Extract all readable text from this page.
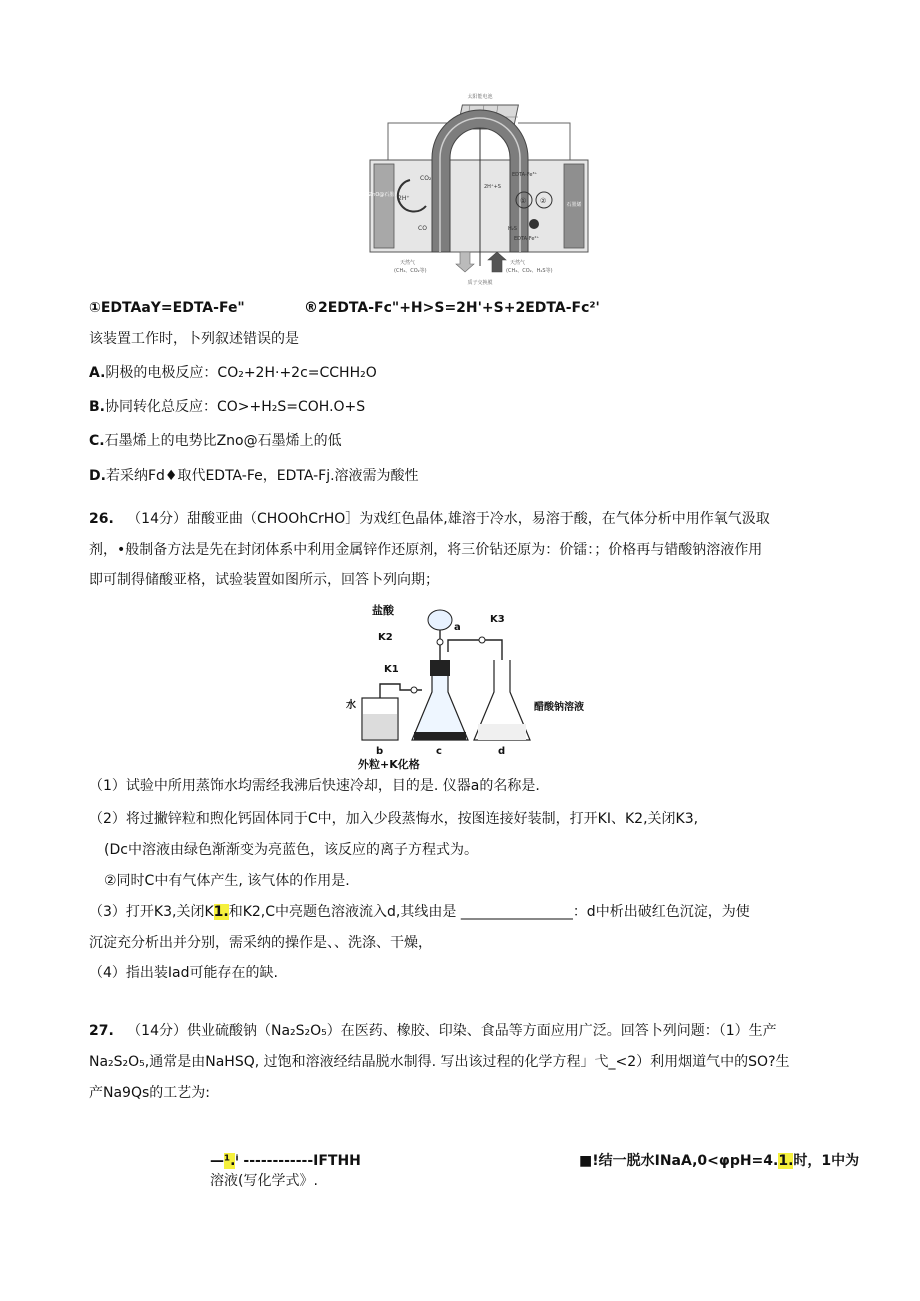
太阳能电池
ZnO@石墨烯
石墨烯
CO₂
2H⁺
CO
EDTA-Fe³⁺
2H⁺+S
① ②
H₂S
EDTA-Fe²⁺
天然气
(CH₄、CO₂等)
天然气
(CH₄、CO₂、H₂S等)
质子交换膜
①EDTAaY=EDTA-Fe"	®2EDTA-Fc"+H>S=2H'+S+2EDTA-Fc²'
该装置工作时，卜列叙述错误的是
A.阴极的电极反应：CO₂+2H·+2c=CCHH₂O
B.协同转化总反应：CO>+H₂S=COH.O+S
C.石墨烯上的电势比Zno@石墨烯上的低
D.若采纳Fd♦取代EDTA-Fe，EDTA-Fj.溶液需为酸性
26. （14分）甜酸亚曲（CHOOhCrHO］为戏红色晶体,雄溶于冷水，易溶于酸，在气体分析中用作氧气汲取
剂，•般制备方法是先在封闭体系中利用金属锌作还原剂，将三价钻还原为：价镭：；价格再与错酸钠溶液作用
即可制得储酸亚格，试验装置如图所示，回答卜列向期；
盐酸
a
K3
K2
醋酸钠溶液
K1
水
b	c	d
外粒+K化格
（1）试验中所用蒸饰水均需经我沸后快速冷却，目的是. 仪器a的名称是.
（2）将过撇锌粒和煦化钙固体同于C中，加入少段蒸悔水，按图连接好装制，打开KI、K2,关闭K3,
(Dc中溶液由绿色渐渐变为亮蓝色，该反应的离子方程式为。
②同时C中有气体产生, 该气体的作用是.
（3）打开K3,关闭K1.和K2,C中亮题色溶液流入d,其线由是 ________________：d中析出破红色沉淀，为使
沉淀充分析出并分别，需采纳的操作是、、洗涤、干燥，
（4）指出装Iad可能存在的缺.
27. （14分）供业硫酸钠（Na₂S₂O₅）在医药、橡胶、印染、食品等方面应用广泛。回答卜列问题：（1）生产
Na₂S₂O₅,通常是由NaHSQ, 过饱和溶液经结晶脱水制得. 写出该过程的化学方程」弋_<2）利用烟道气中的SO?生
产Na9Qs的工艺为:
—¹.ⁱ ------------IFTHH	■!结一脱水INaA,0<φpH=4.1.时，1中为
溶液(写化学式》.
